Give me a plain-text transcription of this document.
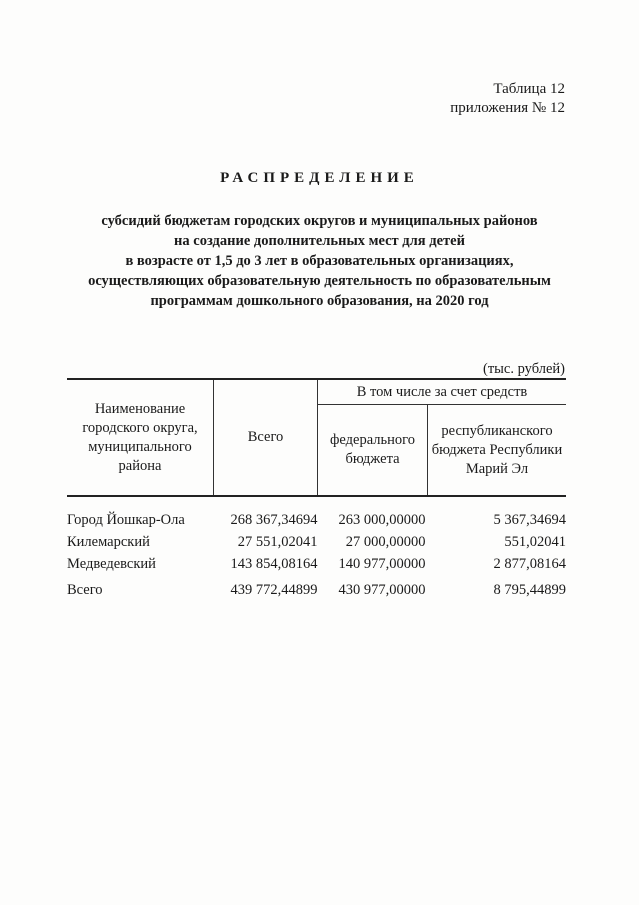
Таблица 12
приложения № 12
РАСПРЕДЕЛЕНИЕ
субсидий бюджетам городских округов и муниципальных районов
на создание дополнительных мест для детей
в возрасте от 1,5 до 3 лет в образовательных организациях,
осуществляющих образовательную деятельность по образовательным
программам дошкольного образования, на 2020 год
(тыс. рублей)
Наименование городского округа, муниципального района	Всего	В том числе за счет средств	
		федерального бюджета	республиканского бюджета Республики Марий Эл
Город Йошкар-Ола	268 367,34694	263 000,00000	5 367,34694
Килемарский	27 551,02041	27 000,00000	551,02041
Медведевский	143 854,08164	140 977,00000	2 877,08164
Всего	439 772,44899	430 977,00000	8 795,44899
